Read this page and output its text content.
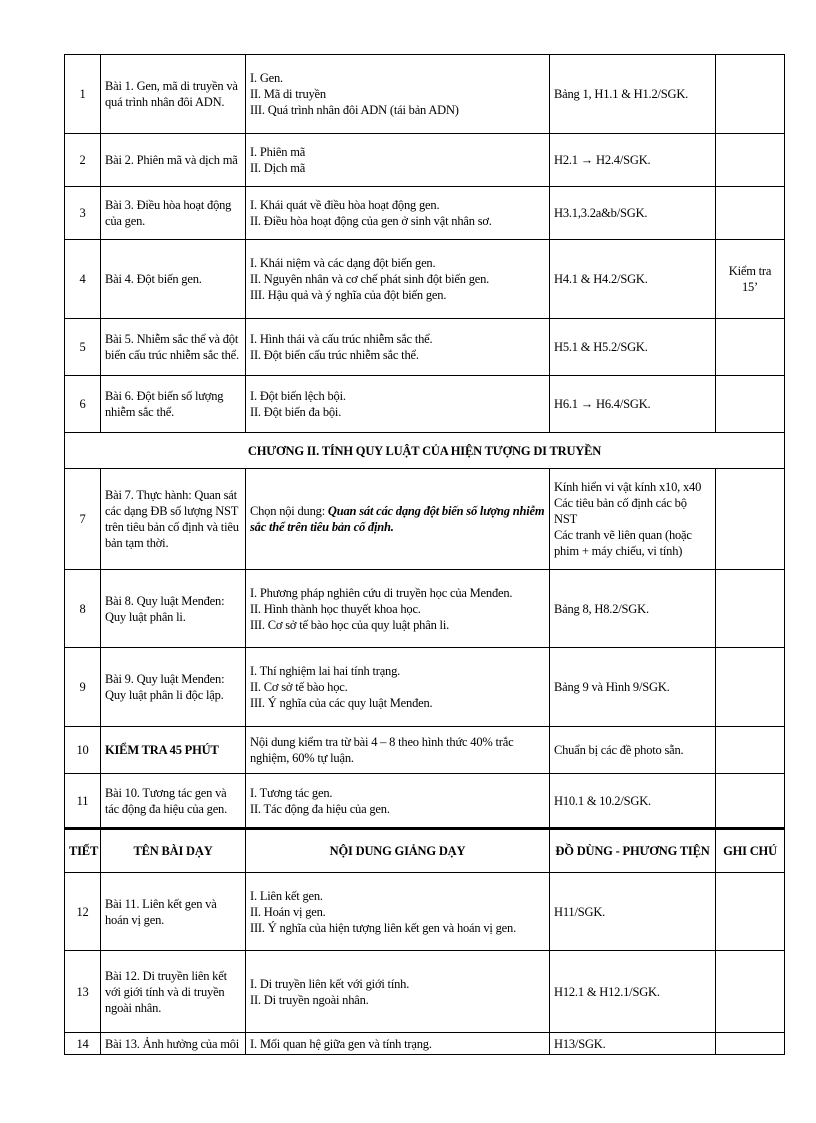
1	Bài 1. Gen, mã di truyền và quá trình nhân đôi ADN.	I. Gen.
II. Mã di truyền
III. Quá trình nhân đôi ADN (tái bản ADN)	Bảng 1, H1.1 & H1.2/SGK.	
2	Bài 2. Phiên mã và dịch mã	I. Phiên mã
II. Dịch mã	H2.1 → H2.4/SGK.	
3	Bài 3. Điều hòa hoạt động của gen.	I. Khái quát về điều hòa hoạt động gen.
II. Điều hòa hoạt động của gen ở sinh vật nhân sơ.	H3.1,3.2a&b/SGK.	
4	Bài 4. Đột biến gen.	I. Khái niệm và các dạng đột biến gen.
II. Nguyên nhân và cơ chế phát sinh đột biến gen.
III. Hậu quả và ý nghĩa của đột biến gen.	H4.1 & H4.2/SGK.	Kiểm tra 15’
5	Bài 5. Nhiễm sắc thể và đột biến cấu trúc nhiễm sắc thể.	I. Hình thái và cấu trúc nhiễm sắc thể.
II. Đột biến cấu trúc nhiễm sắc thể.	H5.1 & H5.2/SGK.	
6	Bài 6. Đột biến số lượng nhiễm sắc thể.	I. Đột biến lệch bội.
II. Đột biến đa bội.	H6.1 → H6.4/SGK.	
CHƯƠNG II. TÍNH QUY LUẬT CỦA HIỆN TƯỢNG DI TRUYỀN				
7	Bài 7. Thực hành: Quan sát các dạng ĐB số lượng NST trên tiêu bản cố định và tiêu bản tạm thời.	Chọn nội dung: Quan sát các dạng đột biến số lượng nhiễm sắc thể trên tiêu bản cố định.	Kính hiển vi vật kính x10, x40
Các tiêu bản cố định các bộ NST
Các tranh vẽ liên quan (hoặc phim + máy chiếu, vi tính)	

8	Bài 8. Quy luật Menđen: Quy luật phân li.	I. Phương pháp nghiên cứu di truyền học của Menđen.
II. Hình thành học thuyết khoa học.
III. Cơ sở tế bào học của quy luật phân li.	Bảng 8, H8.2/SGK.	
9	Bài 9. Quy luật Menđen: Quy luật phân li độc lập.	I. Thí nghiệm lai hai tính trạng.
II. Cơ sở tế bào học.
III. Ý nghĩa của các quy luật Menđen.	Bảng 9 và Hình 9/SGK.	
10	KIỂM TRA 45 PHÚT	Nội dung kiểm tra từ bài 4 – 8 theo hình thức 40% trắc nghiệm, 60% tự luận.	Chuẩn bị các đề photo sẵn.	
11	Bài 10. Tương tác gen và tác động đa hiệu của gen.	I. Tương tác gen.
II. Tác động đa hiệu của gen.	H10.1 & 10.2/SGK.	
TIẾT	TÊN BÀI DẠY	NỘI DUNG GIẢNG DẠY	ĐỒ DÙNG - PHƯƠNG TIỆN	GHI CHÚ
12	Bài 11. Liên kết gen và hoán vị gen.	I. Liên kết gen.
II. Hoán vị gen.
III. Ý nghĩa của hiện tượng liên kết gen và hoán vị gen.	H11/SGK.	
13	Bài 12. Di truyền liên kết với giới tính và di truyền ngoài nhân.	I. Di truyền liên kết với giới tính.
II. Di truyền ngoài nhân.	H12.1 & H12.1/SGK.	
14	Bài 13. Ảnh hưởng của môi	I. Mối quan hệ giữa gen và tính trạng.	H13/SGK.	
